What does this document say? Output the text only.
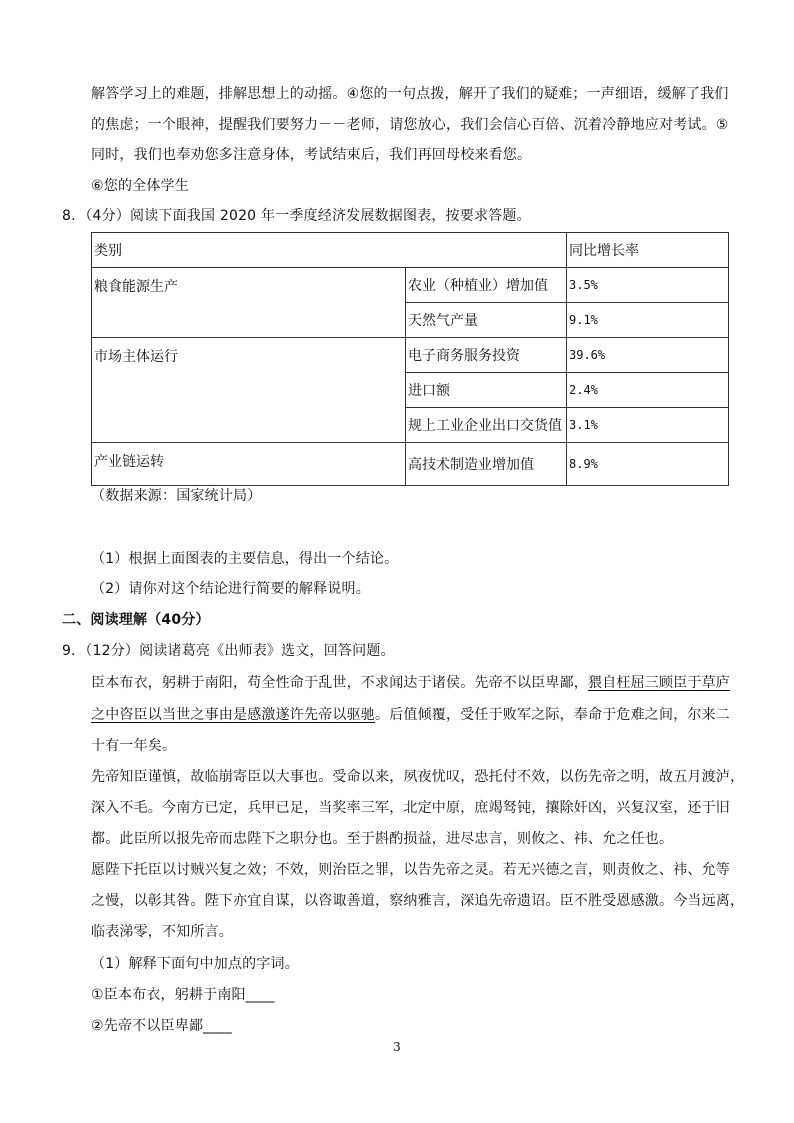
解答学习上的难题，排解思想上的动摇。④您的一句点拨，解开了我们的疑难；一声细语，缓解了我们
的焦虑；一个眼神，提醒我们要努力－－老师，请您放心，我们会信心百倍、沉着冷静地应对考试。⑤
同时，我们也奉劝您多注意身体，考试结束后，我们再回母校来看您。
⑥您的全体学生
8．（4分）阅读下面我国 2020 年一季度经济发展数据图表，按要求答题。
类别		同比增长率
粮食能源生产	农业（种植业）增加值	3.5%
	天然气产量	9.1%
市场主体运行	电子商务服务投资	39.6%
	进口额	2.4%
	规上工业企业出口交货值	3.1%
产业链运转	高技术制造业增加值	8.9%
（数据来源：国家统计局）
（1）根据上面图表的主要信息，得出一个结论。
（2）请你对这个结论进行简要的解释说明。
二、阅读理解（40分）
9．（12分）阅读诸葛亮《出师表》选文，回答问题。
臣本布衣，躬耕于南阳，苟全性命于乱世，不求闻达于诸侯。先帝不以臣卑鄙，猥自枉屈三顾臣于草庐
之中咨臣以当世之事由是感激遂许先帝以驱驰。后值倾覆，受任于败军之际，奉命于危难之间，尔来二
十有一年矣。
先帝知臣谨慎，故临崩寄臣以大事也。受命以来，夙夜忧叹，恐托付不效，以伤先帝之明，故五月渡泸，
深入不毛。今南方已定，兵甲已足，当奖率三军，北定中原，庶竭驽钝，攘除奸凶，兴复汉室，还于旧
都。此臣所以报先帝而忠陛下之职分也。至于斟酌损益，进尽忠言，则攸之、祎、允之任也。
愿陛下托臣以讨贼兴复之效；不效，则治臣之罪，以告先帝之灵。若无兴德之言，则责攸之、祎、允等
之慢，以彰其咎。陛下亦宜自谋，以咨诹善道，察纳雅言，深追先帝遗诏。臣不胜受恩感激。今当远离，
临表涕零，不知所言。
（1）解释下面句中加点的字词。
①臣本布衣，躬耕于南阳____
②先帝不以臣卑鄙____
3
